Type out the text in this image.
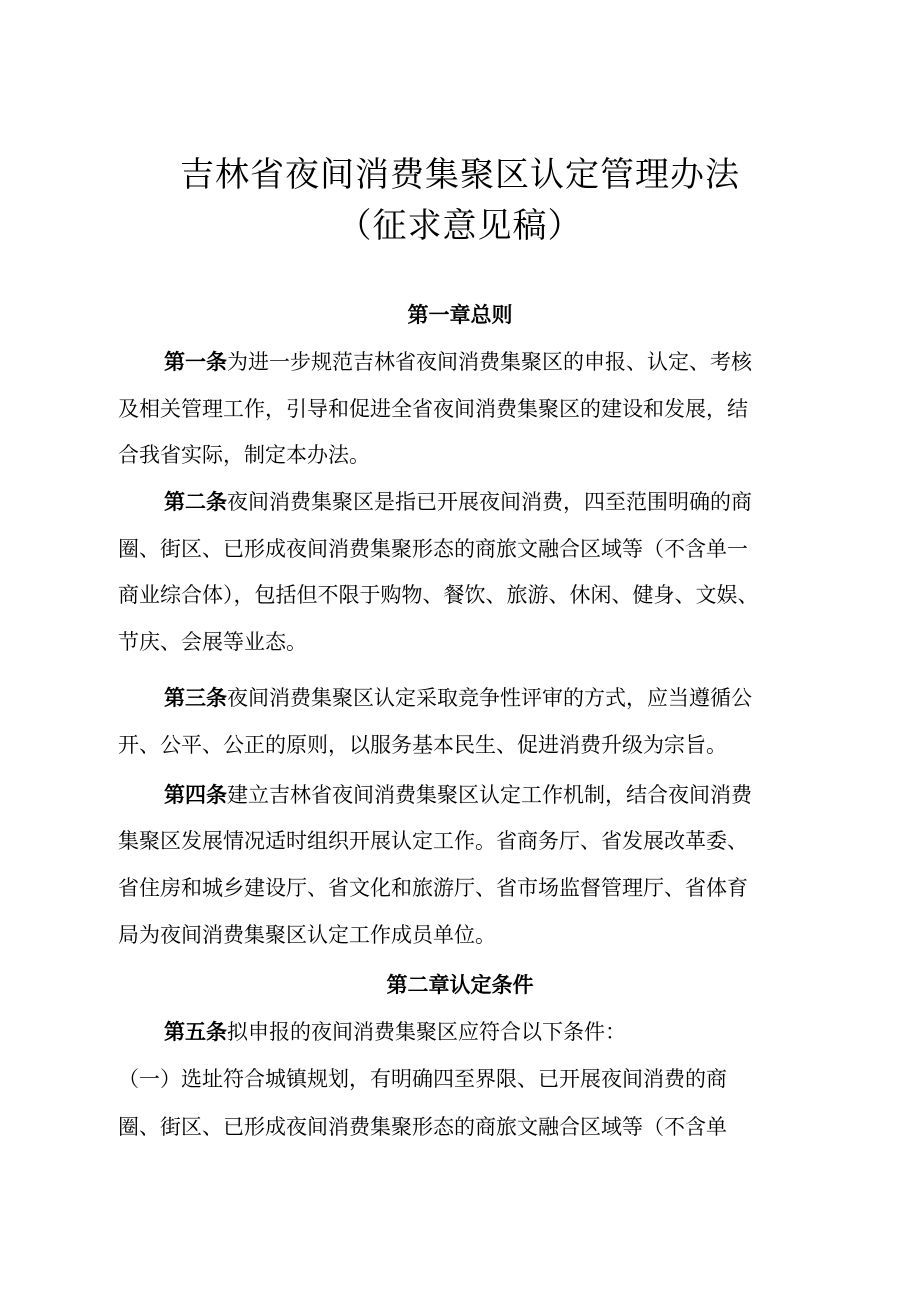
吉林省夜间消费集聚区认定管理办法
（征求意见稿）
第一章总则
第一条为进一步规范吉林省夜间消费集聚区的申报、认定、考核
及相关管理工作，引导和促进全省夜间消费集聚区的建设和发展，结
合我省实际，制定本办法。
第二条夜间消费集聚区是指已开展夜间消费，四至范围明确的商
圈、街区、已形成夜间消费集聚形态的商旅文融合区域等（不含单一
商业综合体），包括但不限于购物、餐饮、旅游、休闲、健身、文娱、
节庆、会展等业态。
第三条夜间消费集聚区认定采取竞争性评审的方式，应当遵循公
开、公平、公正的原则，以服务基本民生、促进消费升级为宗旨。
第四条建立吉林省夜间消费集聚区认定工作机制，结合夜间消费
集聚区发展情况适时组织开展认定工作。省商务厅、省发展改革委、
省住房和城乡建设厅、省文化和旅游厅、省市场监督管理厅、省体育
局为夜间消费集聚区认定工作成员单位。
第二章认定条件
第五条拟申报的夜间消费集聚区应符合以下条件：
（一）选址符合城镇规划，有明确四至界限、已开展夜间消费的商
圈、街区、已形成夜间消费集聚形态的商旅文融合区域等（不含单
